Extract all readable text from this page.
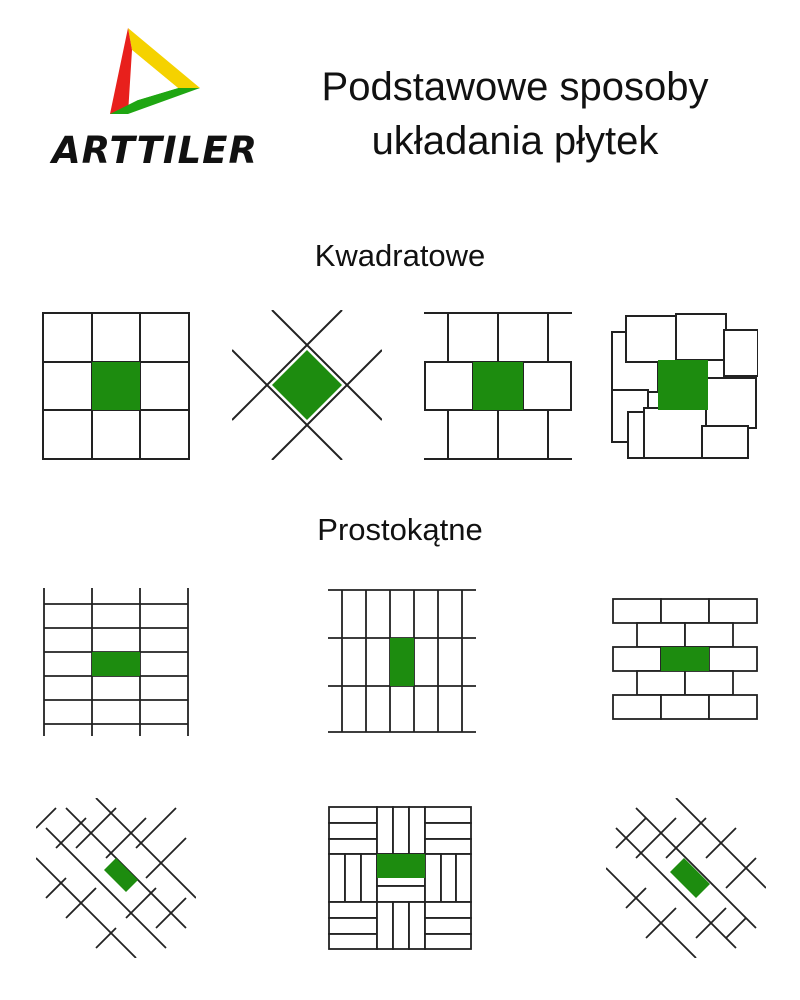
ARTTILER
Podstawowe sposoby
układania płytek
Kwadratowe
Prostokątne
